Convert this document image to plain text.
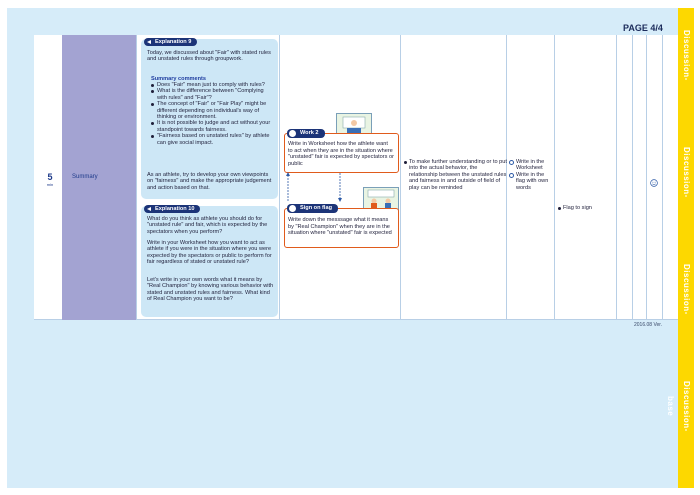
Discussion-
Discussion-
Discussion-
Discussion-base
PAGE 4/4
5
min
Summary
Explanation 9
Today, we discussed about "Fair" with stated rules and unstated rules through groupwork.
Summary comments
Does "Fair" mean just to comply with rules?
What is the difference between "Complying with rules" and "Fair"?
The concept of "Fair" or "Fair Play" might be different depending on individual's way of thinking or environment.
It is not possible to judge and act without your standpoint towards fairness.
"Fairness based on unstated rules" by athlete can give social impact.
As an athlete, try to develop your own viewpoints on "fairness" and make the appropriate judgement and action based on that.
Explanation 10
What do you think as athlete you should do for "unstated rule" and fair, which is expected by the spectators when you perform?
Write in your Worksheet how you want to act as athlete if you were in the situation where you were expected by the spectators or public to perform for fair regardless of stated or unstated rule?
Let's write in your own words what it means by "Real Champion" by knowing various behavior with stated and unstated rules and fairness. What kind of Real Champion you want to be?
Work 2
Write in Worksheet how the athlete want to act when they are in the situation where "unstated" fair is expected by spectators or public
Sign on flag
Write down the messsage what it means by "Real Champion" when they are in the situation where "unstated" fair is expected
To make further understanding or to put into the actual behavior, the relationship between the unstated rules and fairness in and outside of field of play can be reminded
Write in the Worksheet
Write in the flag with own words
Flag to sign
2016.08 Ver.
